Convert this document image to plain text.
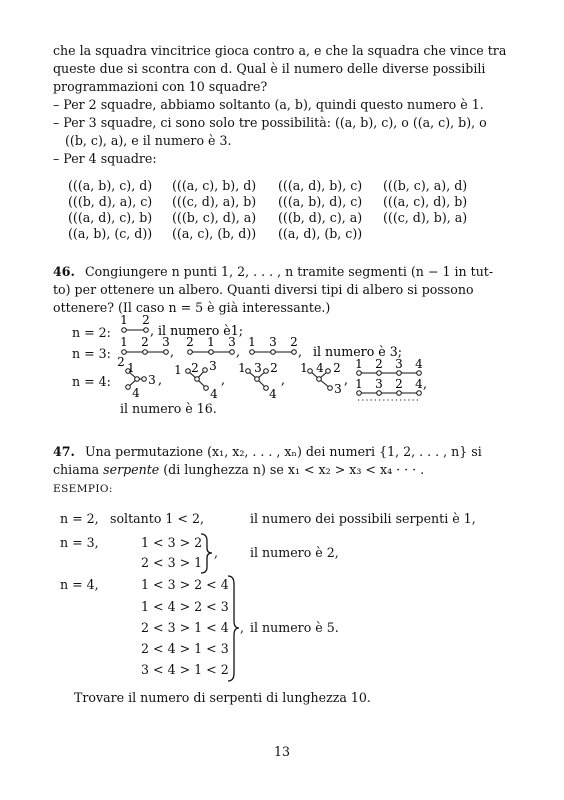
che la squadra vincitrice gioca contro a, e che la squadra che vince tra
queste due si scontra con d. Qual è il numero delle diverse possibili
programmazioni con 10 squadre?
– Per 2 squadre, abbiamo soltanto (a, b), quindi questo numero è 1.
– Per 3 squadre, ci sono solo tre possibilità: ((a, b), c), o ((a, c), b), o
((b, c), a), e il numero è 3.
– Per 4 squadre:
(((a, b), c), d) (((a, c), b), d) (((a, d), b), c) (((b, c), a), d)
(((b, d), a), c) (((c, d), a), b) (((a, b), d), c) (((a, c), d), b)
(((a, d), c), b) (((b, c), d), a) (((b, d), c), a) (((c, d), b), a)
((a, b), (c, d)) ((a, c), (b, d)) ((a, d), (b, c))
46. Congiungere n punti 1, 2, . . . , n tramite segmenti (n − 1 in tut-
to) per ottenere un albero. Quanti diversi tipi di albero si possono
ottenere? (Il caso n = 5 è già interessante.)
n = 2:
n = 3:
n = 4:
il numero è 16.
1 2
, il numero è1;
1 2 3
,
2 1 3
,
1 3 2
, il numero è 3;
1
2
3
4
,
2
1 3
4
,
3
1 2
4
,
4
1 2
3
,
1 2 3 4
1 3 2 4 ,
47. Una permutazione (x₁, x₂, . . . , xₙ) dei numeri {1, 2, . . . , n} si
chiama serpente (di lunghezza n) se x₁ < x₂ > x₃ < x₄ · · · .
ESEMPIO:
n = 2, soltanto 1 < 2,	il numero dei possibili serpenti è 1,
n = 3,	1 < 3 > 2
2 < 3 > 1
,	il numero è 2,
n = 4,	1 < 3 > 2 < 4
1 < 4 > 2 < 3
2 < 3 > 1 < 4
2 < 4 > 1 < 3
3 < 4 > 1 < 2
, il numero è 5.
Trovare il numero di serpenti di lunghezza 10.
13
